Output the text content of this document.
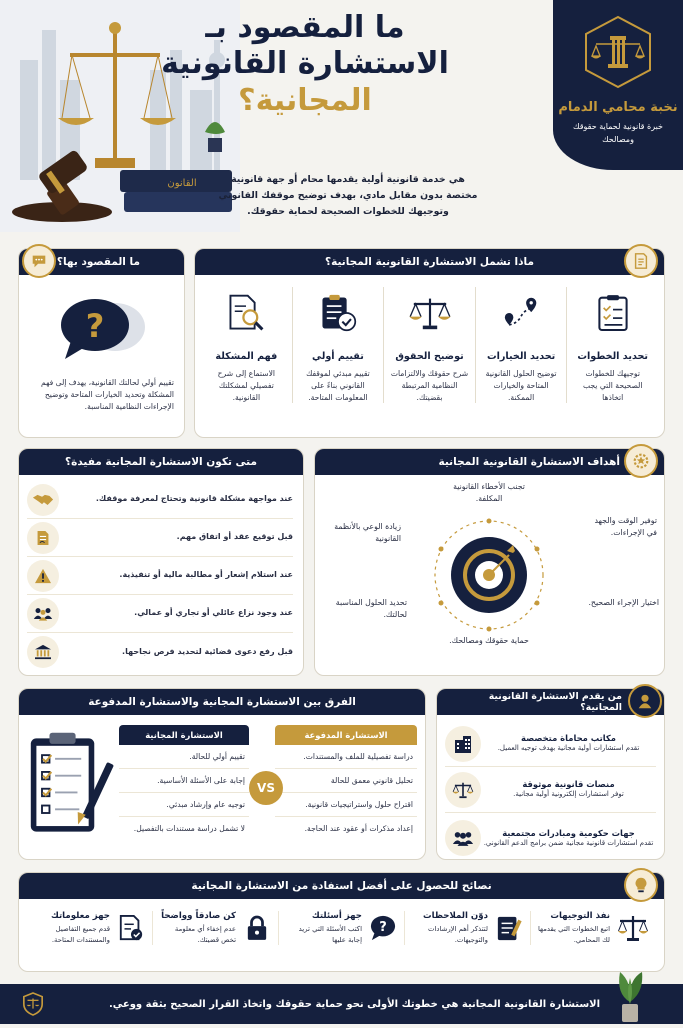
نخبة محامي الدمام
خبرة قانونية لحماية حقوقك ومصالحك
القانون
ما المقصود بـ
الاستشارة القانونية
المجانية؟
هي خدمة قانونية أولية يقدمها محام أو جهة قانونية مختصة بدون مقابل مادي، بهدف توضيح موقفك القانوني وتوجيهك للخطوات الصحيحة لحماية حقوقك.
ما المقصود بها؟
?
تقييم أولي لحالتك القانونية، يهدف إلى فهم المشكلة وتحديد الخيارات المتاحة وتوضيح الإجراءات النظامية المناسبة.
ماذا تشمل الاستشارة القانونية المجانية؟
تحديد الخطوات
توجيهك للخطوات الصحيحة التي يجب اتخاذها
تحديد الخيارات
توضيح الحلول القانونية المتاحة والخيارات الممكنة.
توضيح الحقوق
شرح حقوقك والالتزامات النظامية المرتبطة بقضيتك.
تقييم أولي
تقييم مبدئي لموقفك القانوني بناءً على المعلومات المتاحة.
فهم المشكلة
الاستماع إلى شرح تفصيلي لمشكلتك القانونية.
متى تكون الاستشارة المجانية مفيدة؟
عند مواجهة مشكلة قانونية وتحتاج لمعرفة موقفك.
قبل توقيع عقد أو اتفاق مهم.
عند استلام إشعار أو مطالبة مالية أو تنفيذية.
عند وجود نزاع عائلي أو تجاري أو عمالي.
قبل رفع دعوى قضائية لتحديد فرص نجاحها.
أهداف الاستشارة القانونية المجانية
تجنب الأخطاء القانونية المكلفة.
توفير الوقت والجهد في الإجراءات.
اختيار الإجراء الصحيح.
حماية حقوقك ومصالحك.
تحديد الحلول المناسبة لحالتك.
زيادة الوعي بالأنظمة القانونية
الفرق بين الاستشارة المجانية والاستشارة المدفوعة
الاستشارة المدفوعة
دراسة تفصيلية للملف والمستندات.
تحليل قانوني معمق للحالة
اقتراح حلول واستراتيجيات قانونية.
إعداد مذكرات أو عقود عند الحاجة.
VS
الاستشارة المجانية
تقييم أولي للحالة.
إجابة على الأسئلة الأساسية.
توجيه عام وإرشاد مبدئي.
لا تشمل دراسة مستندات بالتفصيل.
من يقدم الاستشارة القانونية المجانية؟
مكاتب محاماة متخصصة
تقدم استشارات أولية مجانية بهدف توجيه العميل.
منصات قانونية موثوقة
توفر استشارات إلكترونية أولية مجانية.
جهات حكومية ومبادرات مجتمعية
تقدم استشارات قانونية مجانية ضمن برامج الدعم القانوني.
نصائح للحصول على أفضل استفادة من الاستشارة المجانية
نفذ التوجيهات
اتبع الخطوات التي يقدمها لك المحامي.
دوّن الملاحظات
لتتذكر أهم الإرشادات والتوجيهات.
?
جهز أسئلتك
اكتب الأسئلة التي تريد إجابة عليها
كن صادقاً وواضحاً
عدم إخفاء أي معلومة تخص قضيتك.
جهز معلوماتك
قدم جميع التفاصيل والمستندات المتاحة.
الاستشارة القانونية المجانية هي خطوتك الأولى نحو حماية حقوقك واتخاذ القرار الصحيح بثقة ووعي.
